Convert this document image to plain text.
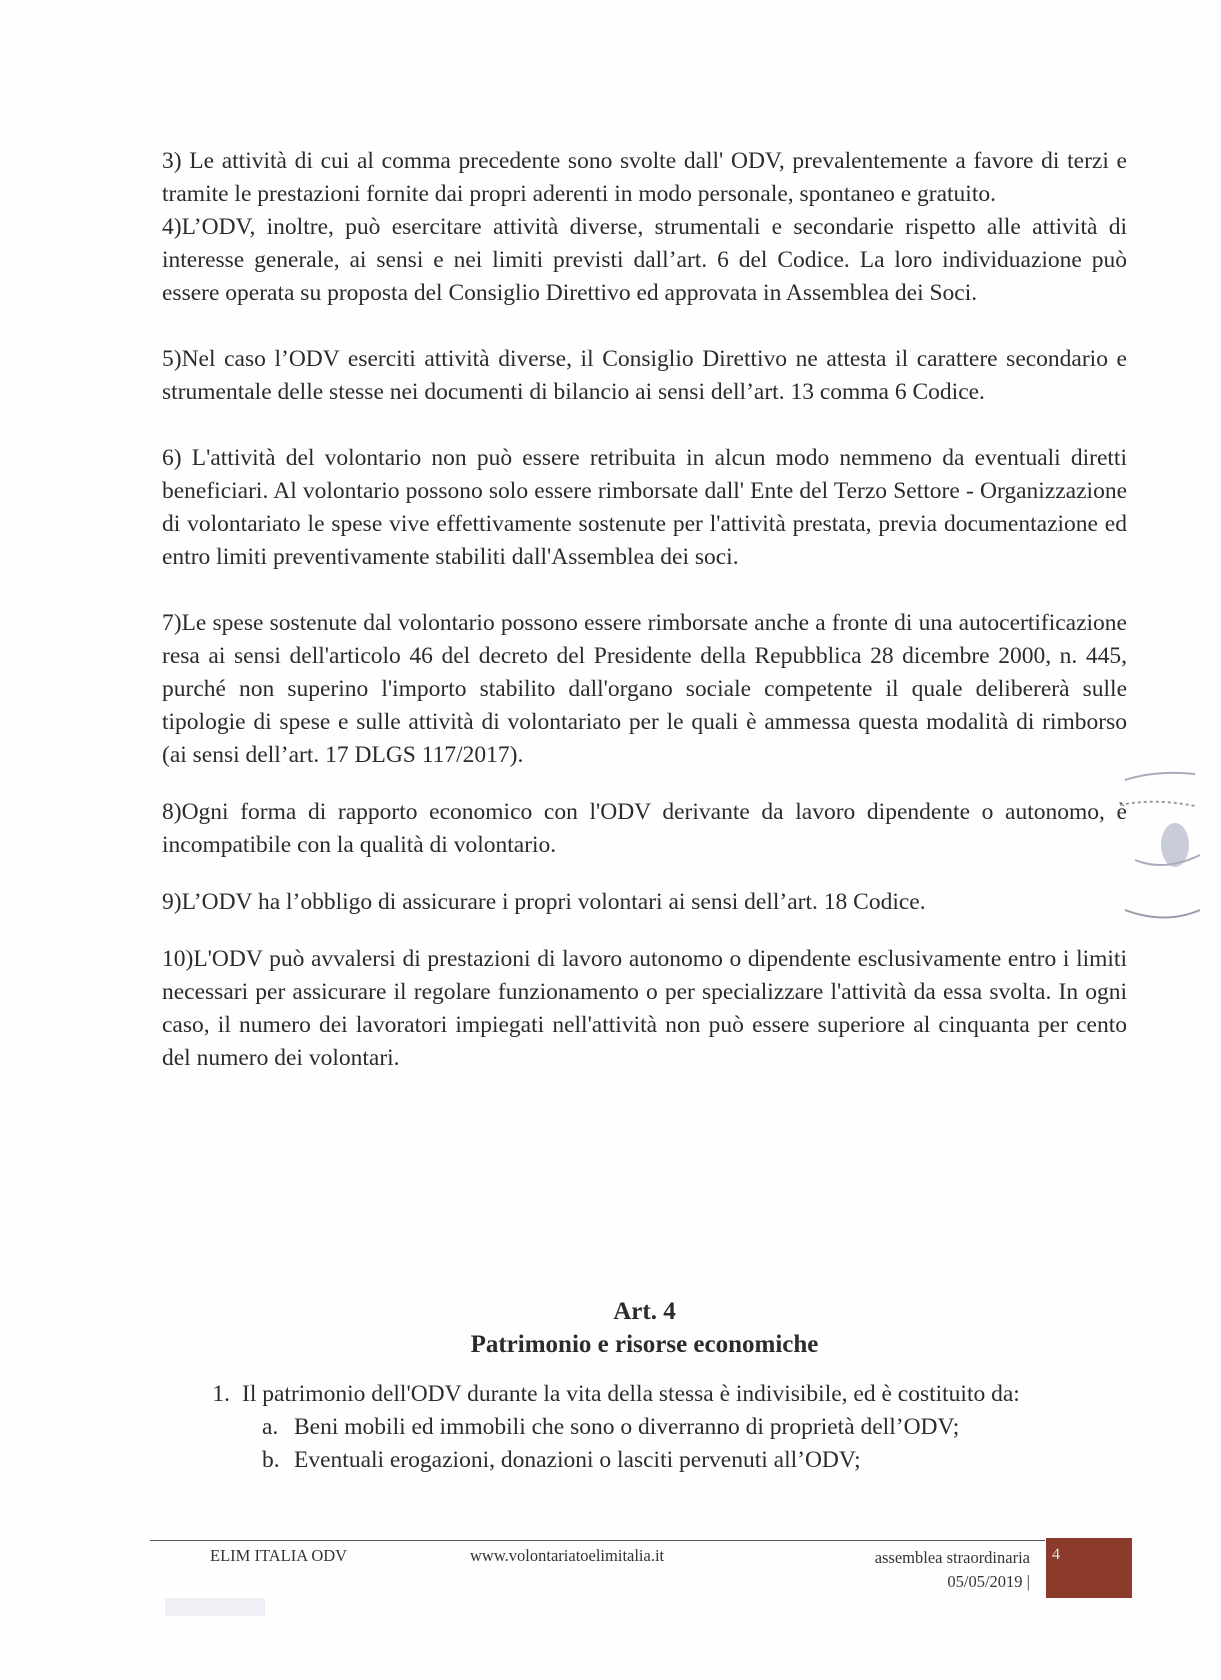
3) Le attività di cui al comma precedente sono svolte dall' ODV, prevalentemente a favore di terzi e tramite le prestazioni fornite dai propri aderenti in modo personale, spontaneo e gratuito.

4)L’ODV, inoltre, può esercitare attività diverse, strumentali e secondarie rispetto alle attività di interesse generale, ai sensi e nei limiti previsti dall’art. 6 del Codice. La loro individuazione può essere operata su proposta del Consiglio Direttivo ed approvata in Assemblea dei Soci.

5)Nel caso l’ODV eserciti attività diverse, il Consiglio Direttivo ne attesta il carattere secondario e strumentale delle stesse nei documenti di bilancio ai sensi dell’art. 13 comma 6 Codice.

6) L'attività del volontario non può essere retribuita in alcun modo nemmeno da eventuali diretti beneficiari. Al volontario possono solo essere rimborsate dall' Ente del Terzo Settore - Organizzazione di volontariato le spese vive effettivamente sostenute per l'attività prestata, previa documentazione ed entro limiti preventivamente stabiliti dall'Assemblea dei soci.

7)Le spese sostenute dal volontario possono essere rimborsate anche a fronte di una autocertificazione resa ai sensi dell'articolo 46 del decreto del Presidente della Repubblica 28 dicembre 2000, n. 445, purché non superino l'importo stabilito dall'organo sociale competente il quale delibererà sulle tipologie di spese e sulle attività di volontariato per le quali è ammessa questa modalità di rimborso (ai sensi dell’art. 17 DLGS 117/2017).

8)Ogni forma di rapporto economico con l'ODV derivante da lavoro dipendente o autonomo, è incompatibile con la qualità di volontario.

9)L’ODV ha l’obbligo di assicurare i propri volontari ai sensi dell’art. 18 Codice.

10)L'ODV può avvalersi di prestazioni di lavoro autonomo o dipendente esclusivamente entro i limiti necessari per assicurare il regolare funzionamento o per specializzare l'attività da essa svolta. In ogni caso, il numero dei lavoratori impiegati nell'attività non può essere superiore al cinquanta per cento del numero dei volontari.

Art. 4
Patrimonio e risorse economiche
1. Il patrimonio dell'ODV durante la vita della stessa è indivisibile, ed è costituito da:
a. Beni mobili ed immobili che sono o diverranno di proprietà dell’ODV;
b. Eventuali erogazioni, donazioni o lasciti pervenuti all’ODV;
ELIM ITALIA ODV	www.volontariatoelimitalia.it	assemblea straordinaria
05/05/2019 |
4
